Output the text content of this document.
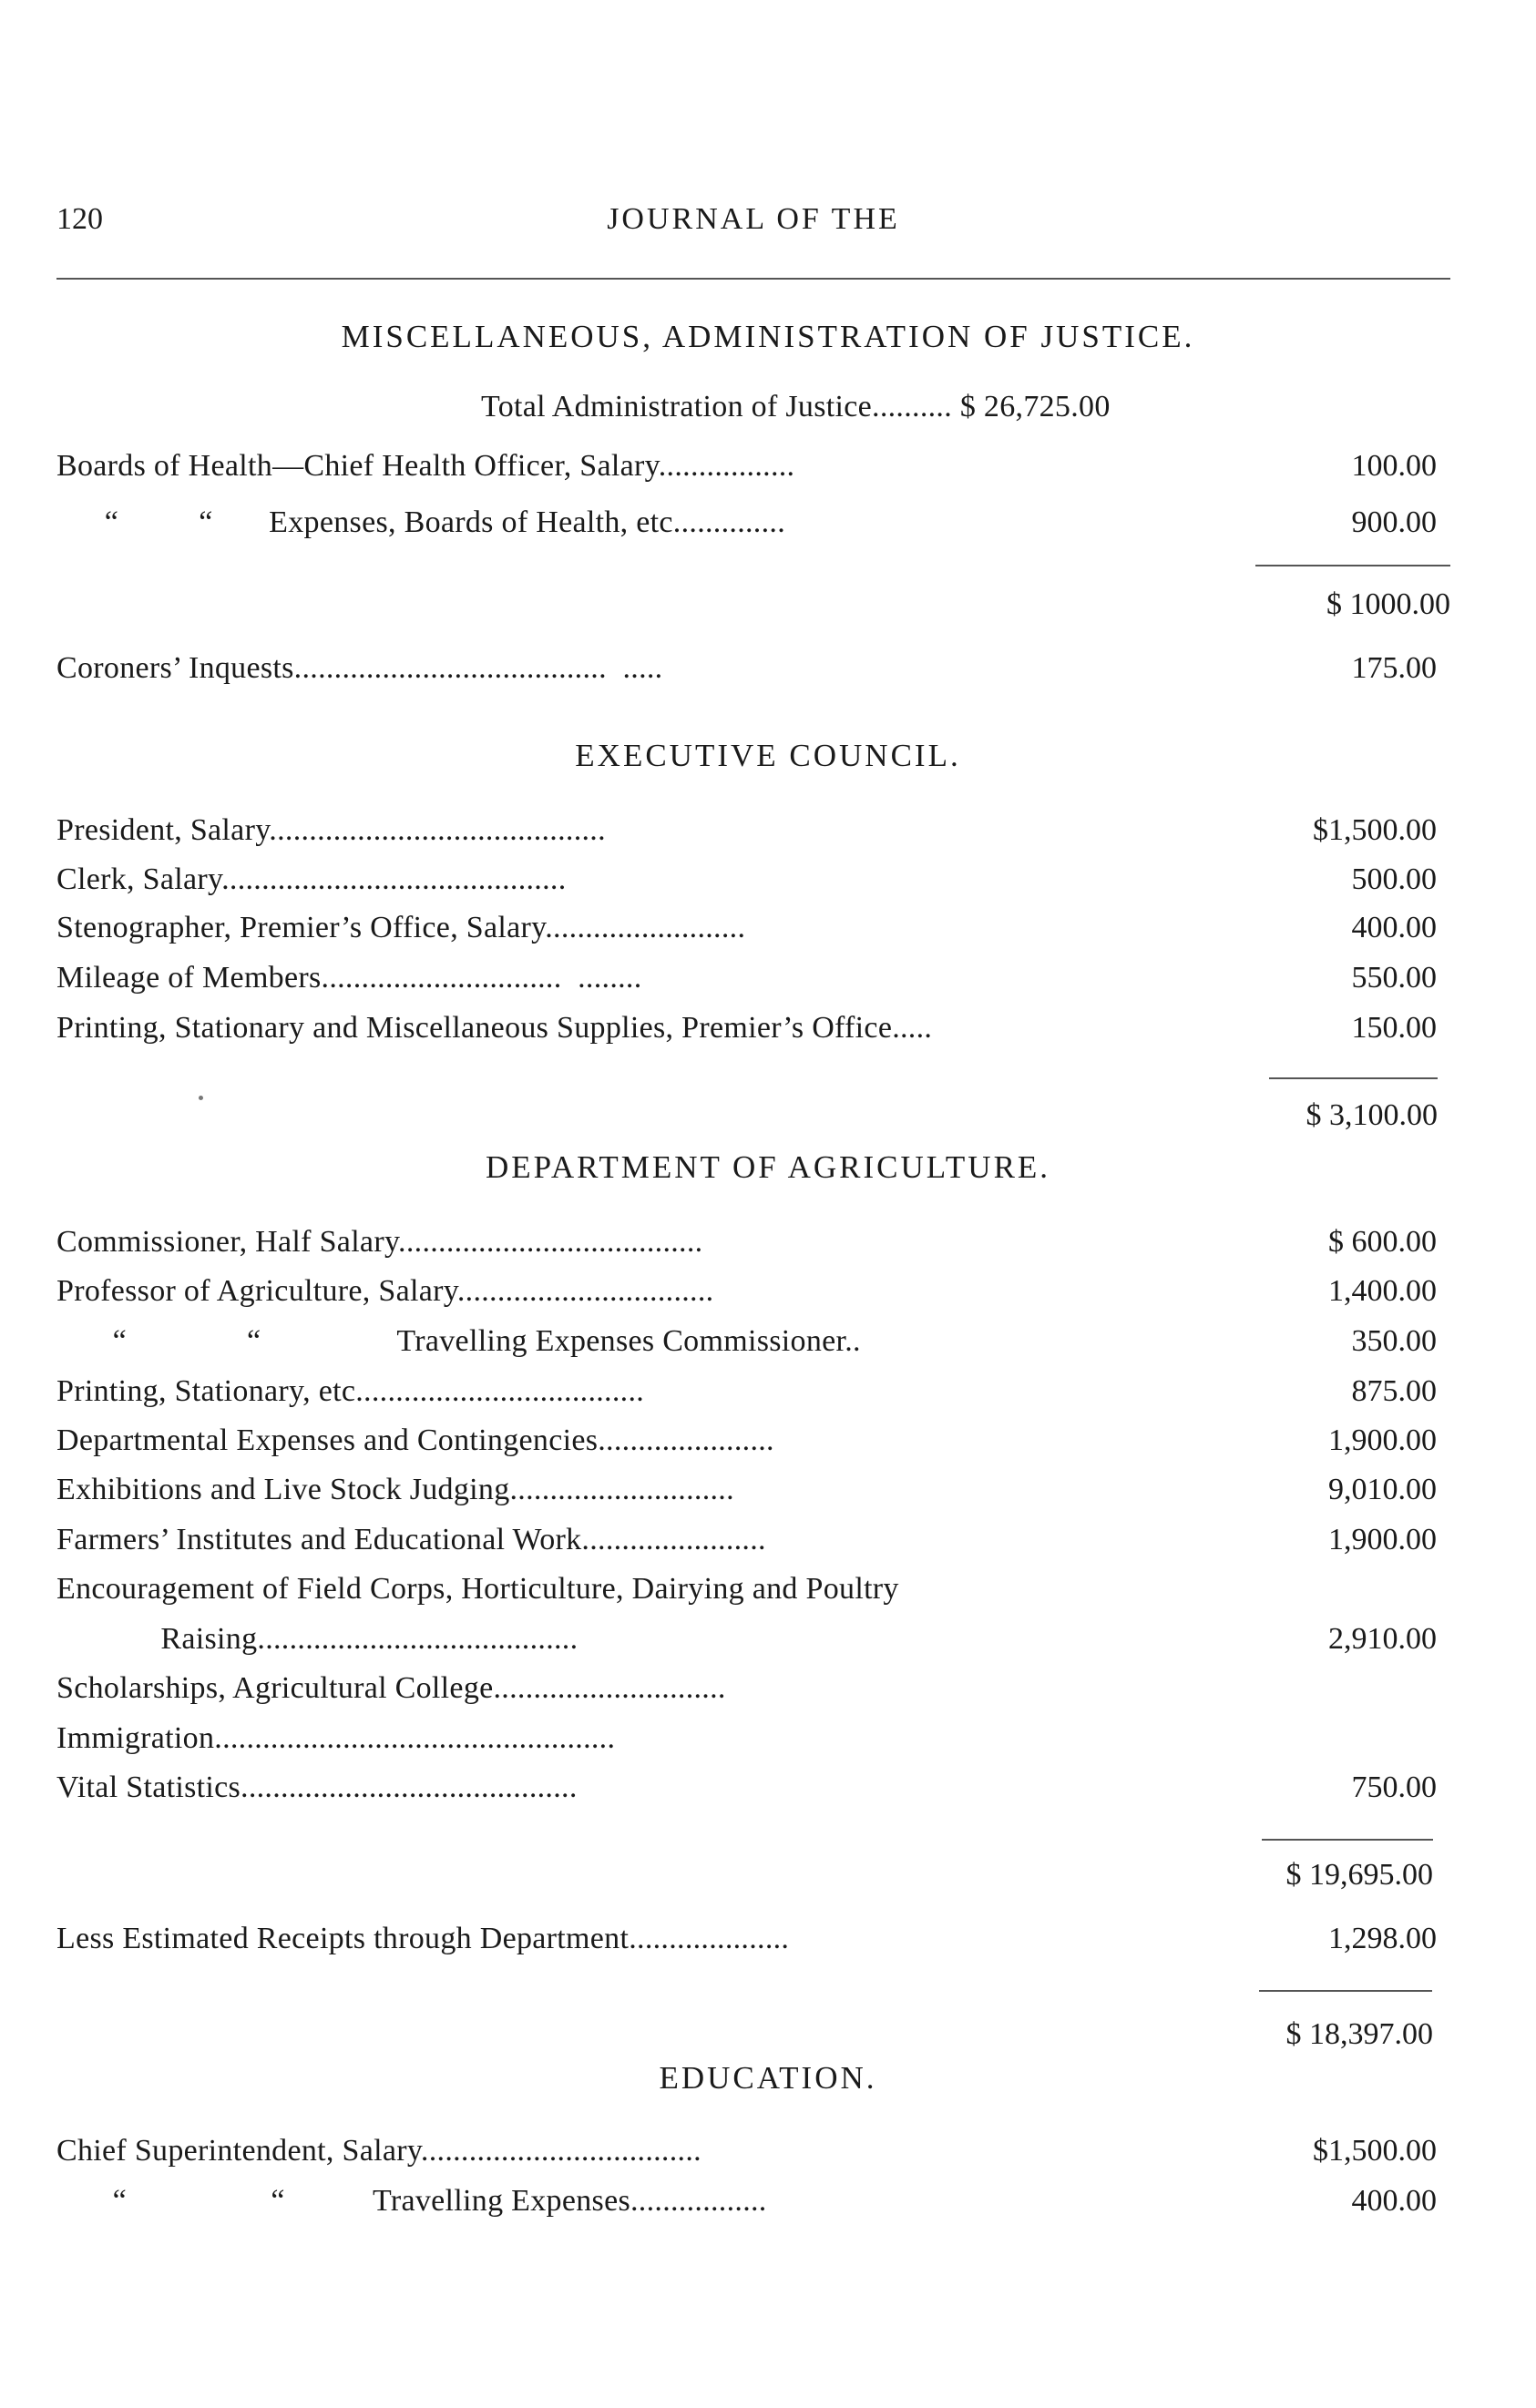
120	JOURNAL OF THE
MISCELLANEOUS, ADMINISTRATION OF JUSTICE.
Total Administration of Justice.......... $ 26,725.00
Boards of Health—Chief Health Officer, Salary.................	100.00
“          “       Expenses, Boards of Health, etc..............	900.00
$ 1000.00
Coroners’ Inquests.......................................  .....	175.00
EXECUTIVE COUNCIL.
President, Salary..........................................	$1,500.00
Clerk, Salary...........................................	500.00
Stenographer, Premier’s Office, Salary.........................	400.00
Mileage of Members..............................  ........	550.00
Printing, Stationary and Miscellaneous Supplies, Premier’s Office.....	150.00
$ 3,100.00
DEPARTMENT OF AGRICULTURE.
Commissioner, Half Salary......................................	$ 600.00
Professor of Agriculture, Salary................................	1,400.00
“               “                 Travelling Expenses Commissioner..	350.00
Printing, Stationary, etc....................................	875.00
Departmental Expenses and Contingencies......................	1,900.00
Exhibitions and Live Stock Judging............................	9,010.00
Farmers’ Institutes and Educational Work.......................	1,900.00
Encouragement of Field Corps, Horticulture, Dairying and Poultry
Raising........................................	2,910.00
Scholarships, Agricultural College.............................
Immigration..................................................
Vital Statistics..........................................	750.00
$ 19,695.00
Less Estimated Receipts through Department....................	1,298.00
$ 18,397.00
EDUCATION.
Chief Superintendent, Salary...................................	$1,500.00
“                  “           Travelling Expenses.................	400.00
